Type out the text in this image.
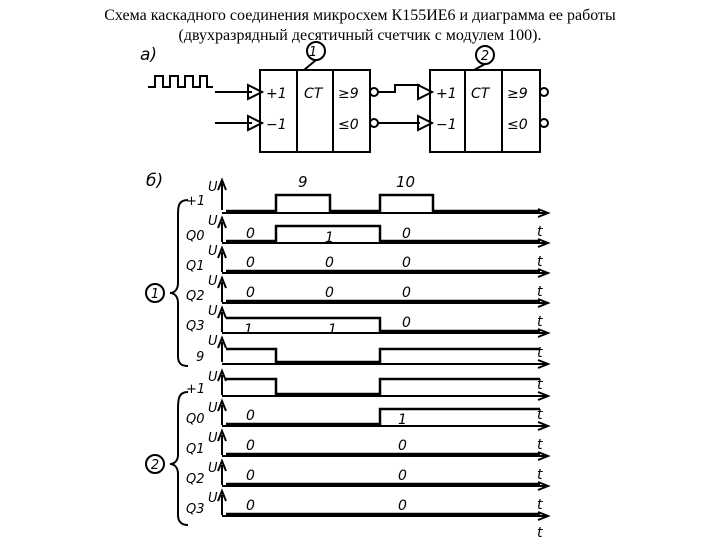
Схема каскадного соединения микросхем К155ИЕ6 и диаграмма ее работы
(двухразрядный десятичный счетчик с модулем 100).
а)	1	2
+1
−1
CT ≥9
≤0
+1
−1
CT ≥9
≤0
б)
1
2
9	10
U
U
U
U
U
U
U
U
U
U
U
t
t
t
t
t
t
t
t
t
t
t
+1
Q0
Q1
Q2
Q3
9
+1
Q0
Q1
Q2
Q3
0	1	0
0	0	0
0	0	0
1	1	0
0	1
0	0
0	0
0	0
